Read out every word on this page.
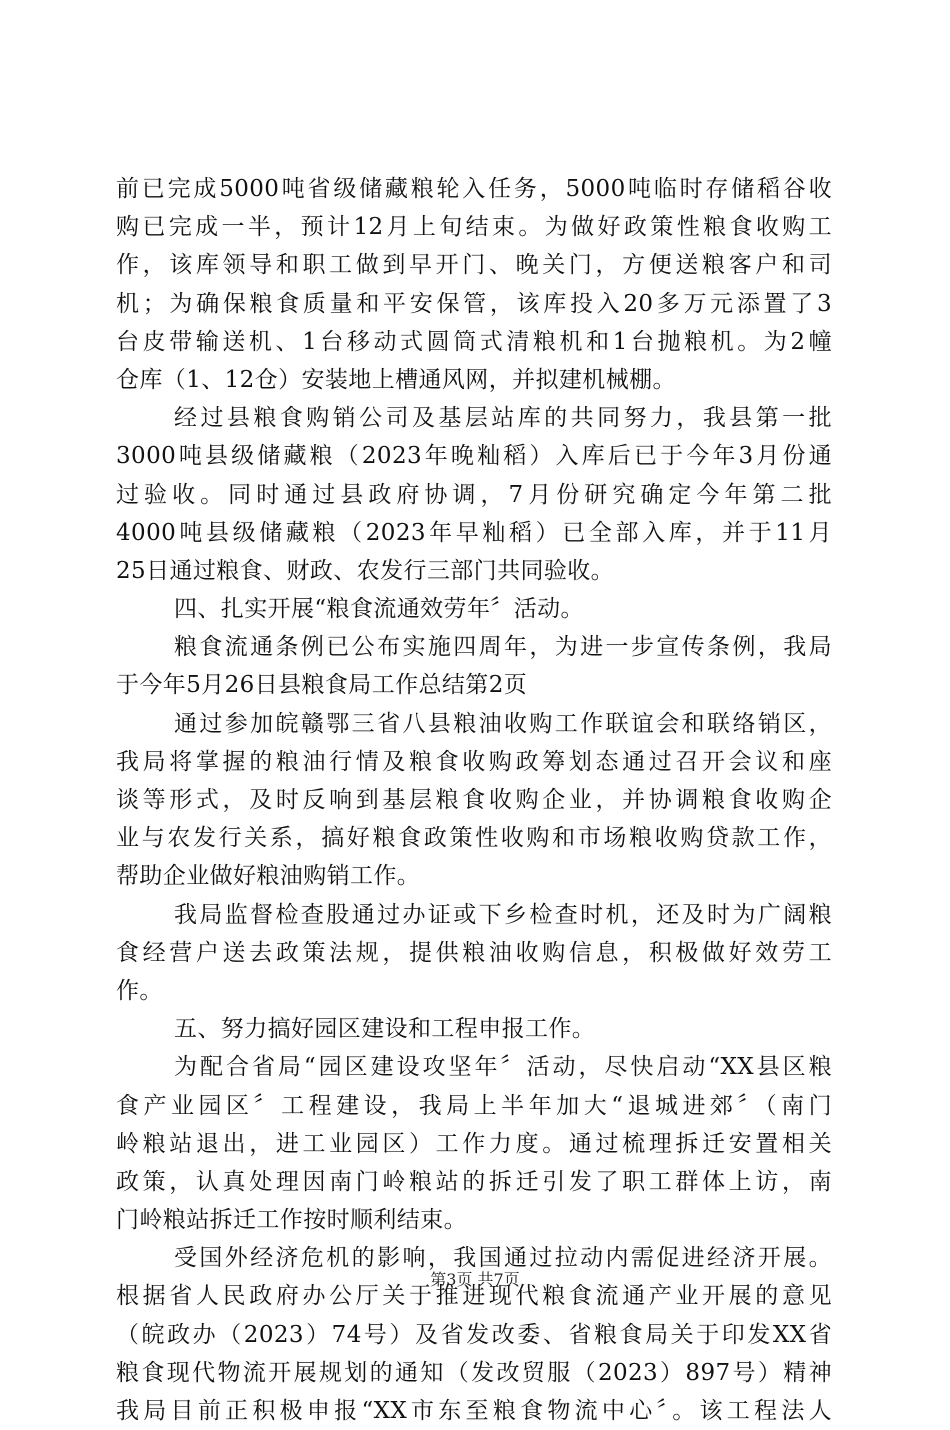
前已完成5000吨省级储藏粮轮入任务，5000吨临时存储稻谷收
购已完成一半，预计12月上旬结束。为做好政策性粮食收购工
作，该库领导和职工做到早开门、晚关门，方便送粮客户和司
机；为确保粮食质量和平安保管，该库投入20多万元添置了3
台皮带输送机、1台移动式圆筒式清粮机和1台抛粮机。为2幢
仓库（1、12仓）安装地上槽通风网，并拟建机械棚。
经过县粮食购销公司及基层站库的共同努力，我县第一批
3000吨县级储藏粮（2023年晚籼稻）入库后已于今年3月份通
过验收。同时通过县政府协调，7月份研究确定今年第二批
4000吨县级储藏粮（2023年早籼稻）已全部入库，并于11月
25日通过粮食、财政、农发行三部门共同验收。
四、扎实开展“粮食流通效劳年〞活动。
粮食流通条例已公布实施四周年，为进一步宣传条例，我局
于今年5月26日县粮食局工作总结第2页
通过参加皖赣鄂三省八县粮油收购工作联谊会和联络销区，
我局将掌握的粮油行情及粮食收购政筹划态通过召开会议和座
谈等形式，及时反响到基层粮食收购企业，并协调粮食收购企
业与农发行关系，搞好粮食政策性收购和市场粮收购贷款工作，
帮助企业做好粮油购销工作。
我局监督检查股通过办证或下乡检查时机，还及时为广阔粮
食经营户送去政策法规，提供粮油收购信息，积极做好效劳工
作。
五、努力搞好园区建设和工程申报工作。
为配合省局“园区建设攻坚年〞活动，尽快启动“XX县区粮
食产业园区〞工程建设，我局上半年加大“退城进郊〞（南门
岭粮站退出，进工业园区）工作力度。通过梳理拆迁安置相关
政策，认真处理因南门岭粮站的拆迁引发了职工群体上访，南
门岭粮站拆迁工作按时顺利结束。
受国外经济危机的影响，我国通过拉动内需促进经济开展。
根据省人民政府办公厅关于推进现代粮食流通产业开展的意见
（皖政办（2023）74号）及省发改委、省粮食局关于印发XX省
粮食现代物流开展规划的通知（发改贸服（2023）897号）精神
我局目前正积极申报“XX市东至粮食物流中心〞。该工程法人
第3页 共7页
